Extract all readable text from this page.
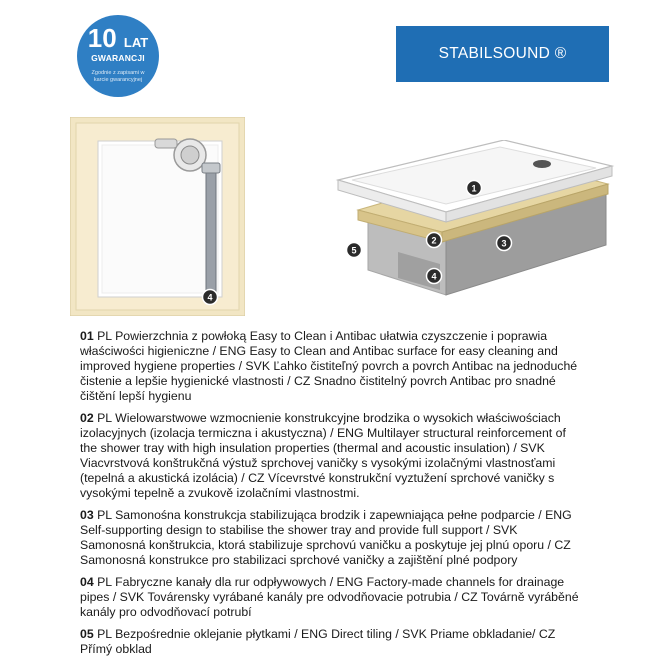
10 LAT
GWARANCJI
Zgodnie z zapisami w karcie gwarancyjnej
STABILSOUND ®
4
1
2	3
4
5

01 PL Powierzchnia z powłoką Easy to Clean i Antibac ułatwia czyszczenie i poprawia właściwości higieniczne / ENG Easy to Clean and Antibac surface for easy cleaning and improved hygiene properties / SVK Ľahko čistiteľný povrch a povrch Antibac na jednoduché čistenie a lepšie hygienické vlastnosti / CZ Snadno čistitelný povrch Antibac pro snadné čištění lepší hygienu

02 PL Wielowarstwowe wzmocnienie konstrukcyjne brodzika o wysokich właściwościach izolacyjnych (izolacja termiczna i akustyczna) / ENG Multilayer structural reinforcement of the shower tray with high insulation properties (thermal and acoustic insulation) / SVK Viacvrstvová konštrukčná výstuž sprchovej vaničky s vysokými izolačnými vlastnosťami (tepelná a akustická izolácia) / CZ Vícevrstvé konstrukční vyztužení sprchové vaničky s vysokými tepelně a zvukově izolačními vlastnostmi.

03 PL Samonośna konstrukcja stabilizująca brodzik i zapewniająca pełne podparcie / ENG Self-supporting design to stabilise the shower tray and provide full support / SVK Samonosná konštrukcia, ktorá stabilizuje sprchovú vaničku a poskytuje jej plnú oporu / CZ Samonosná konstrukce pro stabilizaci sprchové vaničky a zajištění plné podpory

04 PL Fabryczne kanały dla rur odpływowych / ENG Factory-made channels for drainage pipes / SVK Továrensky vyrábané kanály pre odvodňovacie potrubia / CZ Továrně vyráběné kanály pro odvodňovací potrubí

05 PL Bezpośrednie oklejanie płytkami / ENG Direct tiling / SVK Priame obkladanie/ CZ Přímý obklad
